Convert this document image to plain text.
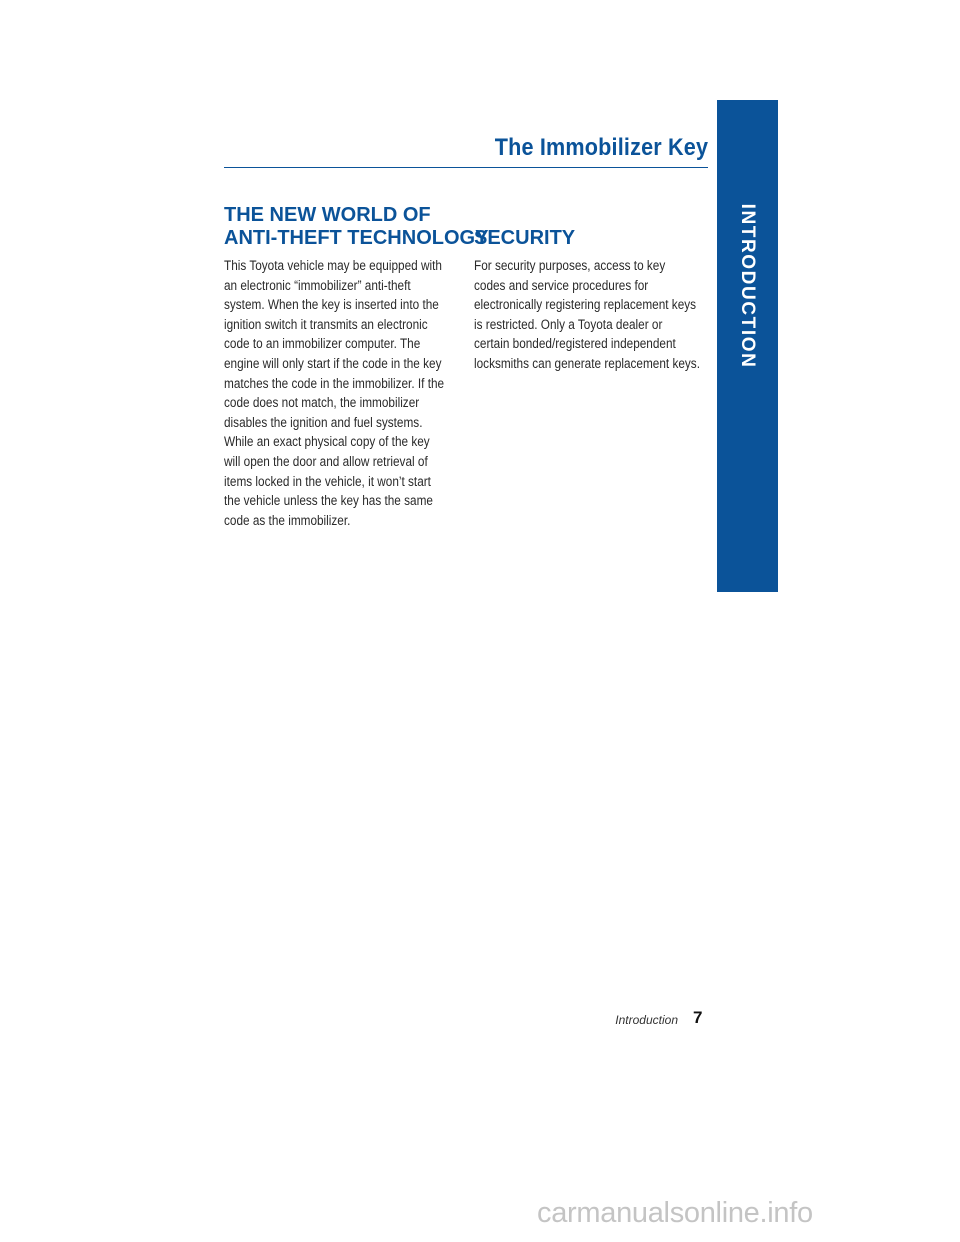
INTRODUCTION
The Immobilizer Key
THE NEW WORLD OF
ANTI-THEFT TECHNOLOGY

This Toyota vehicle may be equipped with
an electronic “immobilizer” anti-theft
system. When the key is inserted into the
ignition switch it transmits an electronic
code to an immobilizer computer. The
engine will only start if the code in the key
matches the code in the immobilizer. If the
code does not match, the immobilizer
disables the ignition and fuel systems.
While an exact physical copy of the key
will open the door and allow retrieval of
items locked in the vehicle, it won’t start
the vehicle unless the key has the same
code as the immobilizer.

SECURITY

For security purposes, access to key
codes and service procedures for
electronically registering replacement keys
is restricted. Only a Toyota dealer or
certain bonded/registered independent
locksmiths can generate replacement keys.

Introduction 7
carmanualsonline.info
